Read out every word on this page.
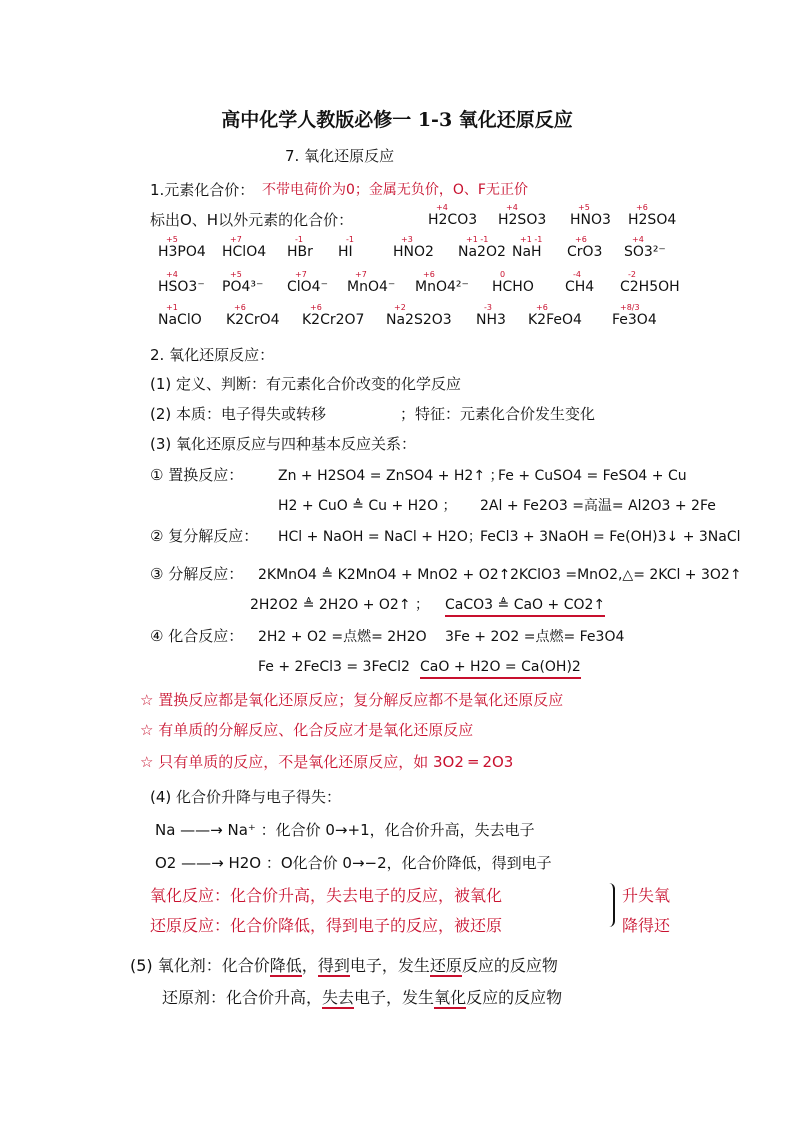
高中化学人教版必修一 1-3 氧化还原反应
7. 氧化还原反应
1.元素化合价： 不带电荷价为0；金属无负价，O、F无正价
标出O、H以外元素的化合价：	H2CO3
+4
H2SO3
+4
HNO3
+5
H2SO4
+6
H3PO4
+5
HClO4
+7
HBr
-1
HI
-1
HNO2
+3
Na2O2
+1 -1
NaH
+1 -1
CrO3
+6
SO3²⁻
+4
HSO3⁻
+4
PO4³⁻
+5
ClO4⁻
+7
MnO4⁻
+7
MnO4²⁻
+6
HCHO
0
CH4
-4
C2H5OH
-2
NaClO
+1
K2CrO4
+6
K2Cr2O7
+6
Na2S2O3
+2
NH3
-3
K2FeO4
+6
Fe3O4
+8/3
2. 氧化还原反应：
(1) 定义、判断：有元素化合价改变的化学反应
(2) 本质：电子得失或转移	；特征：元素化合价发生变化
(3) 氧化还原反应与四种基本反应关系：
① 置换反应： Zn + H2SO4 = ZnSO4 + H2↑ ；
Fe + CuSO4 = FeSO4 + Cu
H2 + CuO ≜ Cu + H2O ； 2Al + Fe2O3 =高温= Al2O3 + 2Fe
② 复分解反应： HCl + NaOH = NaCl + H2O；
FeCl3 + 3NaOH = Fe(OH)3↓ + 3NaCl
③ 分解反应： 2KMnO4 ≜ K2MnO4 + MnO2 + O2↑ 2KClO3 =MnO2,△= 2KCl + 3O2↑
2H2O2 ≜ 2H2O + O2↑ ； CaCO3 ≜ CaO + CO2↑
④ 化合反应： 2H2 + O2 =点燃= 2H2O 3Fe + 2O2 =点燃= Fe3O4
Fe + 2FeCl3 = 3FeCl2 CaO + H2O = Ca(OH)2
☆ 置换反应都是氧化还原反应；复分解反应都不是氧化还原反应
☆ 有单质的分解反应、化合反应才是氧化还原反应
☆ 只有单质的反应，不是氧化还原反应，如 3O2 ═ 2O3
(4) 化合价升降与电子得失：
Na ——→ Na⁺ ：化合价 0→+1，化合价升高，失去电子
O2 ——→ H2O ：O化合价 0→−2，化合价降低，得到电子
氧化反应：化合价升高，失去电子的反应，被氧化
还原反应：化合价降低，得到电子的反应，被还原
升失氧
降得还
(5) 氧化剂：化合价降低，得到电子，发生还原反应的反应物
还原剂：化合价升高，失去电子，发生氧化反应的反应物
